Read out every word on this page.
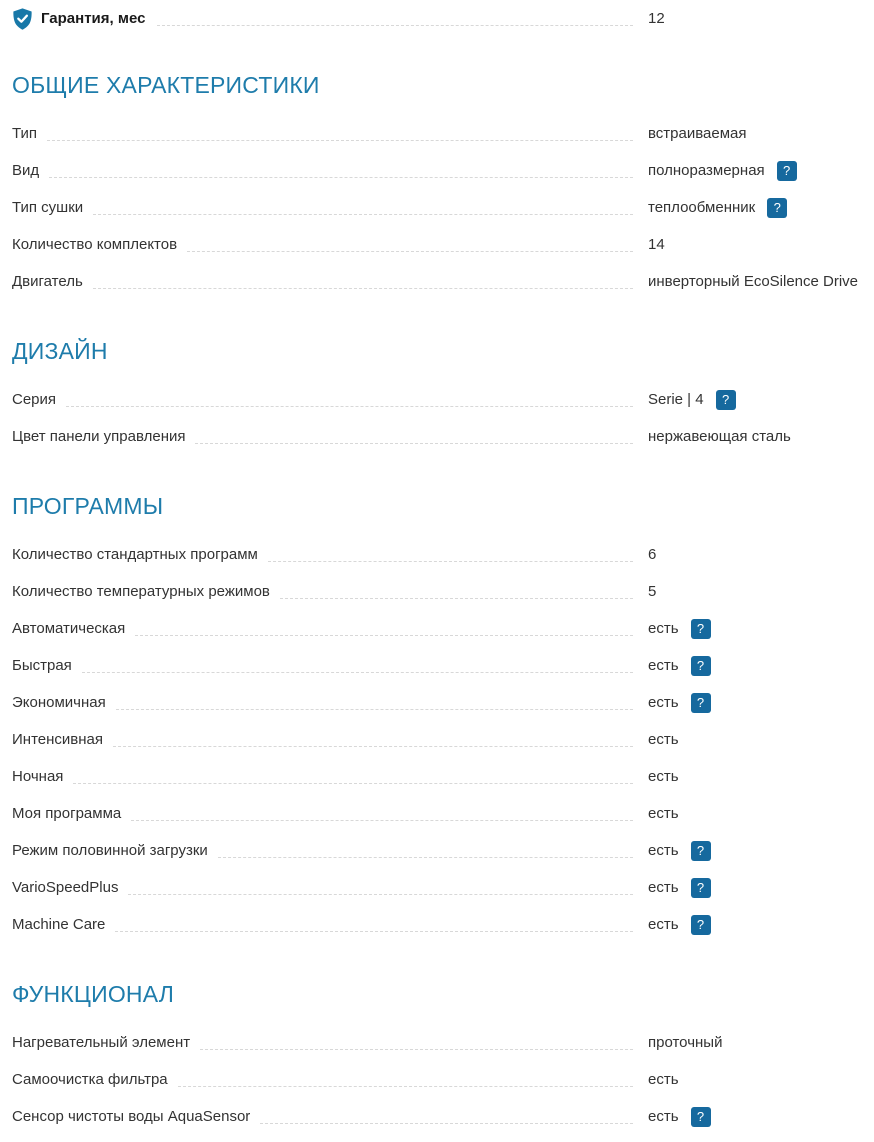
Гарантия, мес	12
ОБЩИЕ ХАРАКТЕРИСТИКИ
Тип	встраиваемая
Вид	полноразмерная	?
Тип сушки	теплообменник	?
Количество комплектов	14
Двигатель	инверторный EcoSilence Drive
ДИЗАЙН
Серия	Serie | 4	?
Цвет панели управления	нержавеющая сталь
ПРОГРАММЫ
Количество стандартных программ	6
Количество температурных режимов	5
Автоматическая	есть	?
Быстрая	есть	?
Экономичная	есть	?
Интенсивная	есть
Ночная	есть
Моя программа	есть
Режим половинной загрузки	есть	?
VarioSpeedPlus	есть	?
Machine Care	есть	?
ФУНКЦИОНАЛ
Нагревательный элемент	проточный
Самоочистка фильтра	есть
Сенсор чистоты воды AquaSensor	есть	?
